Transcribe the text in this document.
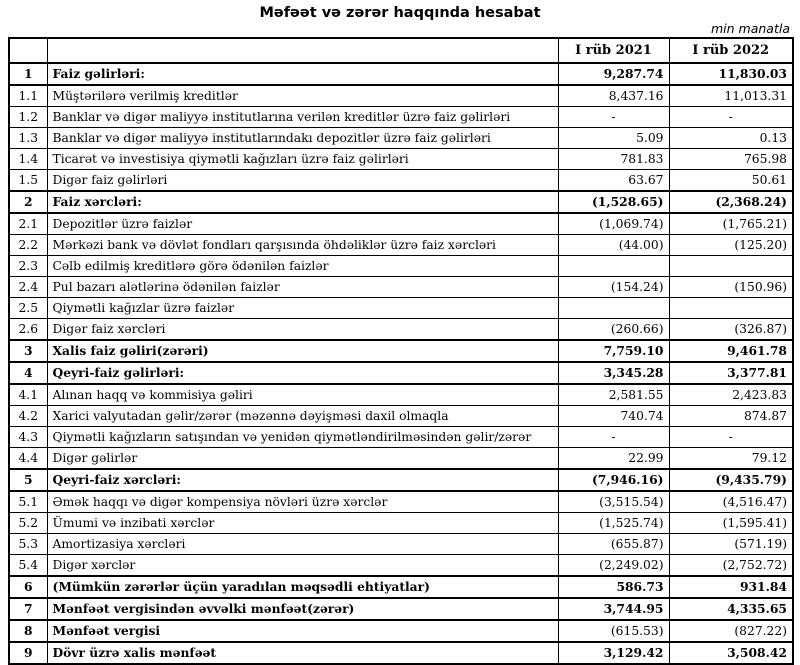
Məfəət və zərər haqqında hesabat
min manatla
		I rüb 2021	I rüb 2022
1	Faiz gəlirləri:	9,287.74	11,830.03
1.1	Müştərilərə verilmiş kreditlər	8,437.16	11,013.31
1.2	Banklar və digər maliyyə institutlarına verilən kreditlər üzrə faiz gəlirləri	-	-
1.3	Banklar və digər maliyyə institutlarındakı depozitlər üzrə faiz gəlirləri	5.09	0.13
1.4	Ticarət və investisiya qiymətli kağızları üzrə faiz gəlirləri	781.83	765.98
1.5	Digər faiz gəlirləri	63.67	50.61
2	Faiz xərcləri:	(1,528.65)	(2,368.24)
2.1	Depozitlər üzrə faizlər	(1,069.74)	(1,765.21)
2.2	Mərkəzi bank və dövlət fondları qarşısında öhdəliklər üzrə faiz xərcləri	(44.00)	(125.20)
2.3	Cəlb edilmiş kreditlərə görə ödənilən faizlər		
2.4	Pul bazarı alətlərinə ödənilən faizlər	(154.24)	(150.96)
2.5	Qiymətli kağızlar üzrə faizlər		
2.6	Digər faiz xərcləri	(260.66)	(326.87)
3	Xalis faiz gəliri(zərəri)	7,759.10	9,461.78
4	Qeyri-faiz gəlirləri:	3,345.28	3,377.81
4.1	Alınan haqq və kommisiya gəliri	2,581.55	2,423.83
4.2	Xarici valyutadan gəlir/zərər (məzənnə dəyişməsi daxil olmaqla	740.74	874.87
4.3	Qiymətli kağızların satışından və yenidən qiymətləndirilməsindən gəlir/zərər	-	-
4.4	Digər gəlirlər	22.99	79.12
5	Qeyri-faiz xərcləri:	(7,946.16)	(9,435.79)
5.1	Əmək haqqı və digər kompensiya növləri üzrə xərclər	(3,515.54)	(4,516.47)
5.2	Ümumi və inzibati xərclər	(1,525.74)	(1,595.41)
5.3	Amortizasiya xərcləri	(655.87)	(571.19)
5.4	Digər xərclər	(2,249.02)	(2,752.72)
6	(Mümkün zərərlər üçün yaradılan məqsədli ehtiyatlar)	586.73	931.84
7	Mənfəət vergisindən əvvəlki mənfəət(zərər)	3,744.95	4,335.65
8	Mənfəət vergisi	(615.53)	(827.22)
9	Dövr üzrə xalis mənfəət	3,129.42	3,508.42
